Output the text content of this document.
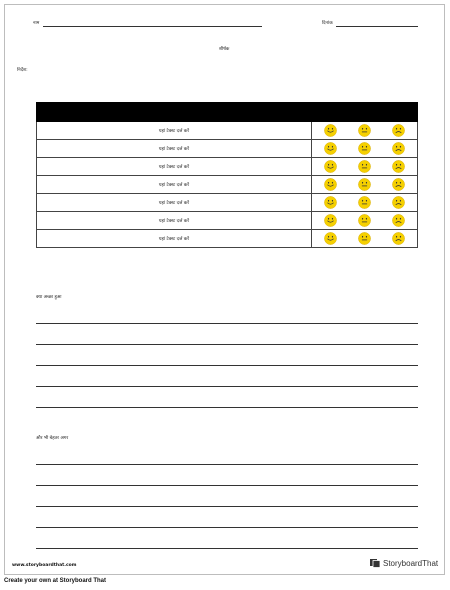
नाम	दिनांक
शीर्षक
निर्देश:
यहां टेक्स्ट दर्ज करें
यहां टेक्स्ट दर्ज करें
यहां टेक्स्ट दर्ज करें
यहां टेक्स्ट दर्ज करें
यहां टेक्स्ट दर्ज करें
यहां टेक्स्ट दर्ज करें
यहां टेक्स्ट दर्ज करें
क्या अच्छा हुआ
और भी बेहतर अगर
www.storyboardthat.com	StoryboardThat
Create your own at Storyboard That
